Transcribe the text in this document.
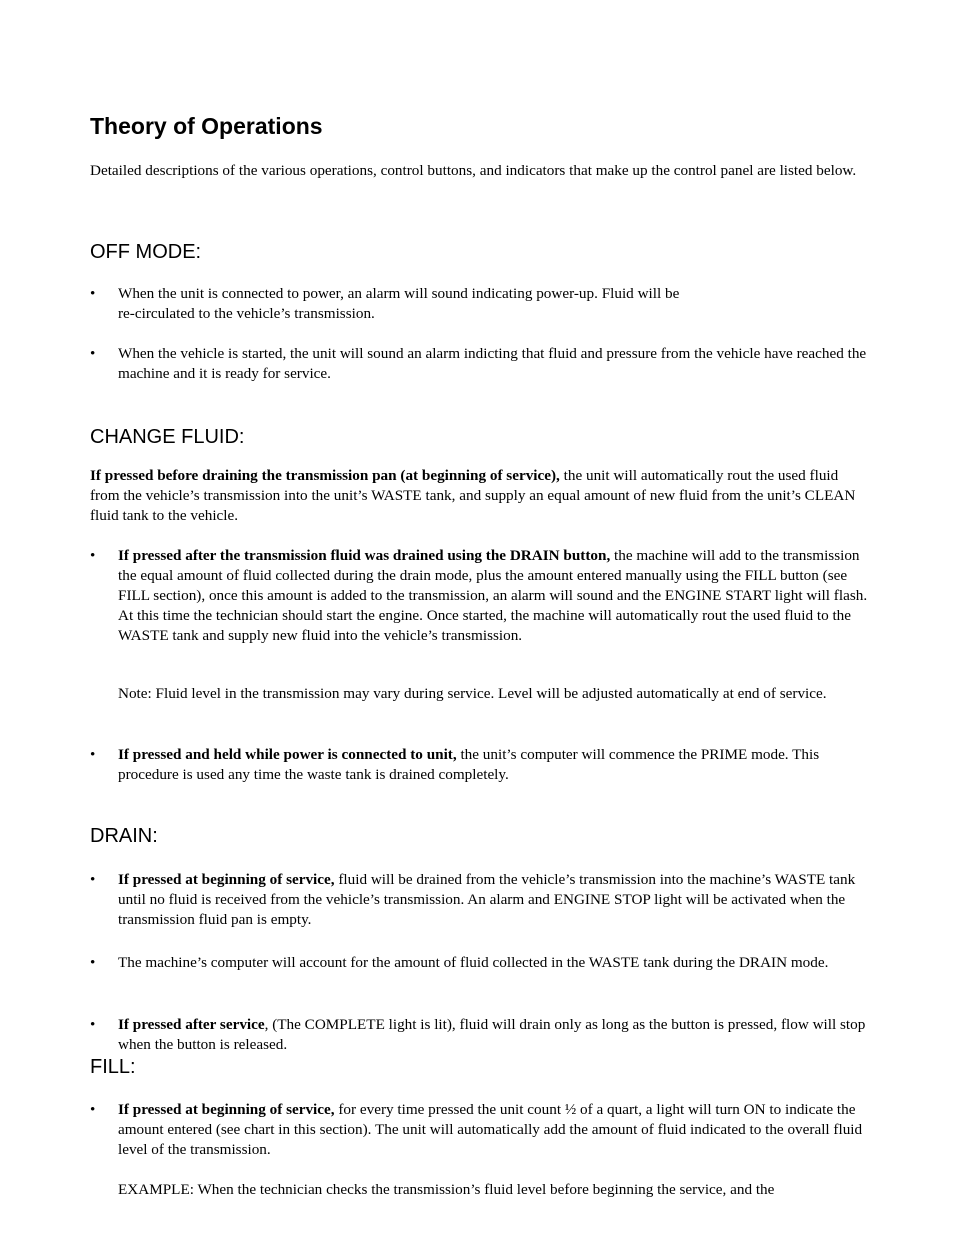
Theory of Operations

Detailed descriptions of the various operations, control buttons, and indicators that make up the control panel are listed below.

OFF MODE:
•	When the unit is connected to power, an alarm will sound indicating power-up. Fluid will be
re-circulated to the vehicle’s transmission.
•	When the vehicle is started, the unit will sound an alarm indicting that fluid and pressure from the vehicle have reached the machine and it is ready for service.
CHANGE FLUID:

If pressed before draining the transmission pan (at beginning of service), the unit will automatically rout the used fluid from the vehicle’s transmission into the unit’s WASTE tank, and supply an equal amount of new fluid from the unit’s CLEAN fluid tank to the vehicle.

•	If pressed after the transmission fluid was drained using the DRAIN button, the machine will add to the transmission the equal amount of fluid collected during the drain mode, plus the amount entered manually using the FILL button (see FILL section), once this amount is added to the transmission, an alarm will sound and the ENGINE START light will flash. At this time the technician should start the engine. Once started, the machine will automatically rout the used fluid to the WASTE tank and supply new fluid into the vehicle’s transmission.

Note: Fluid level in the transmission may vary during service. Level will be adjusted automatically at end of service.

•	If pressed and held while power is connected to unit, the unit’s computer will commence the PRIME mode. This procedure is used any time the waste tank is drained completely.
DRAIN:
•	If pressed at beginning of service, fluid will be drained from the vehicle’s transmission into the machine’s WASTE tank until no fluid is received from the vehicle’s transmission. An alarm and ENGINE STOP light will be activated when the transmission fluid pan is empty.
•	The machine’s computer will account for the amount of fluid collected in the WASTE tank during the DRAIN mode.
•	If pressed after service, (The COMPLETE light is lit), fluid will drain only as long as the button is pressed, flow will stop when the button is released.
FILL:
•	If pressed at beginning of service, for every time pressed the unit count ½ of a quart, a light will turn ON to indicate the amount entered (see chart in this section). The unit will automatically add the amount of fluid indicated to the overall fluid level of the transmission.

EXAMPLE: When the technician checks the transmission’s fluid level before beginning the service, and the
